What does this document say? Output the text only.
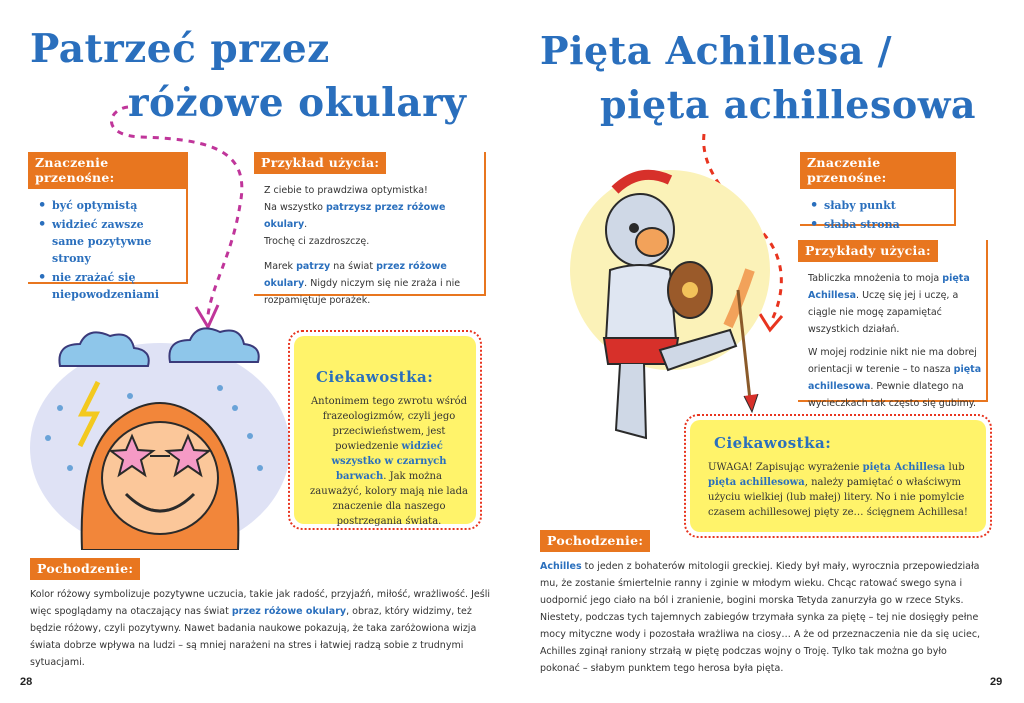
Patrzeć przez
różowe okulary
Znaczenie przenośne:
• być optymistą
• widzieć zawsze same pozytywne strony
• nie zrażać się niepowodzeniami
Przykład użycia:
Z ciebie to prawdziwa optymistka!
Na wszystko patrzysz przez różowe okulary.
Trochę ci zazdroszczę.
Marek patrzy na świat przez różowe okulary. Nigdy niczym się nie zraża i nie rozpamiętuje porażek.
Ciekawostka:
Antonimem tego zwrotu wśród frazeologizmów, czyli jego przeciwieństwem, jest powiedzenie widzieć wszystko w czarnych barwach. Jak można zauważyć, kolory mają nie lada znaczenie dla naszego postrzegania świata.
Pochodzenie:
Kolor różowy symbolizuje pozytywne uczucia, takie jak radość, przyjaźń, miłość, wrażliwość. Jeśli więc spoglądamy na otaczający nas świat przez różowe okulary, obraz, który widzimy, też będzie różowy, czyli pozytywny. Nawet badania naukowe pokazują, że taka zaróżowiona wizja świata dobrze wpływa na ludzi – są mniej narażeni na stres i łatwiej radzą sobie z trudnymi sytuacjami.
28
Pięta Achillesa /
pięta achillesowa
Znaczenie przenośne:
• słaby punkt
• słaba strona
Przykłady użycia:
Tabliczka mnożenia to moja pięta Achillesa. Uczę się jej i uczę, a ciągle nie mogę zapamiętać wszystkich działań.
W mojej rodzinie nikt nie ma dobrej orientacji w terenie – to nasza pięta achillesowa. Pewnie dlatego na wycieczkach tak często się gubimy.
Ciekawostka:
UWAGA! Zapisując wyrażenie pięta Achillesa lub pięta achillesowa, należy pamiętać o właściwym użyciu wielkiej (lub małej) litery. No i nie pomylcie czasem achillesowej pięty ze… ścięgnem Achillesa!
Pochodzenie:
Achilles to jeden z bohaterów mitologii greckiej. Kiedy był mały, wyrocznia przepowiedziała mu, że zostanie śmiertelnie ranny i zginie w młodym wieku. Chcąc ratować swego syna i uodpornić jego ciało na ból i zranienie, bogini morska Tetyda zanurzyła go w rzece Styks. Niestety, podczas tych tajemnych zabiegów trzymała synka za piętę – tej nie dosięgły pełne mocy mityczne wody i pozostała wrażliwa na ciosy… A że od przeznaczenia nie da się uciec, Achilles zginął raniony strzałą w piętę podczas wojny o Troję. Tylko tak można go było pokonać – słabym punktem tego herosa była pięta.
29
